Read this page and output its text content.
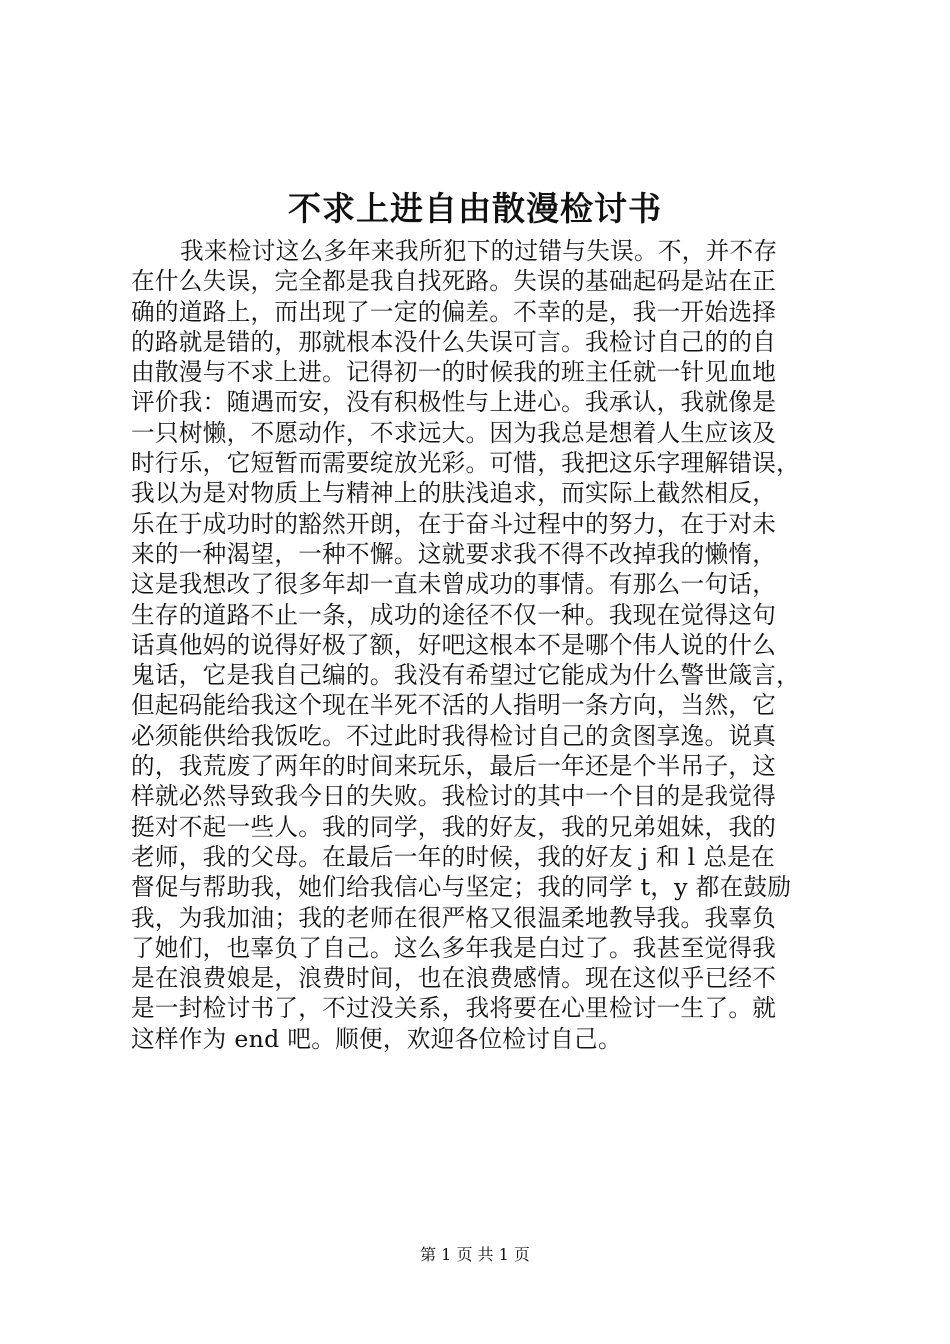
不求上进自由散漫检讨书
我来检讨这么多年来我所犯下的过错与失误。不，并不存
在什么失误，完全都是我自找死路。失误的基础起码是站在正
确的道路上，而出现了一定的偏差。不幸的是，我一开始选择
的路就是错的，那就根本没什么失误可言。我检讨自己的的自
由散漫与不求上进。记得初一的时候我的班主任就一针见血地
评价我：随遇而安，没有积极性与上进心。我承认，我就像是
一只树懒，不愿动作，不求远大。因为我总是想着人生应该及
时行乐，它短暂而需要绽放光彩。可惜，我把这乐字理解错误，
我以为是对物质上与精神上的肤浅追求，而实际上截然相反，
乐在于成功时的豁然开朗，在于奋斗过程中的努力，在于对未
来的一种渴望，一种不懈。这就要求我不得不改掉我的懒惰，
这是我想改了很多年却一直未曾成功的事情。有那么一句话，
生存的道路不止一条，成功的途径不仅一种。我现在觉得这句
话真他妈的说得好极了额，好吧这根本不是哪个伟人说的什么
鬼话，它是我自己编的。我没有希望过它能成为什么警世箴言，
但起码能给我这个现在半死不活的人指明一条方向，当然，它
必须能供给我饭吃。不过此时我得检讨自己的贪图享逸。说真
的，我荒废了两年的时间来玩乐，最后一年还是个半吊子，这
样就必然导致我今日的失败。我检讨的其中一个目的是我觉得
挺对不起一些人。我的同学，我的好友，我的兄弟姐妹，我的
老师，我的父母。在最后一年的时候，我的好友 j 和 l 总是在
督促与帮助我，她们给我信心与坚定；我的同学 t，y 都在鼓励
我，为我加油；我的老师在很严格又很温柔地教导我。我辜负
了她们，也辜负了自己。这么多年我是白过了。我甚至觉得我
是在浪费娘是，浪费时间，也在浪费感情。现在这似乎已经不
是一封检讨书了，不过没关系，我将要在心里检讨一生了。就
这样作为 end 吧。顺便，欢迎各位检讨自己。
第 1 页 共 1 页
